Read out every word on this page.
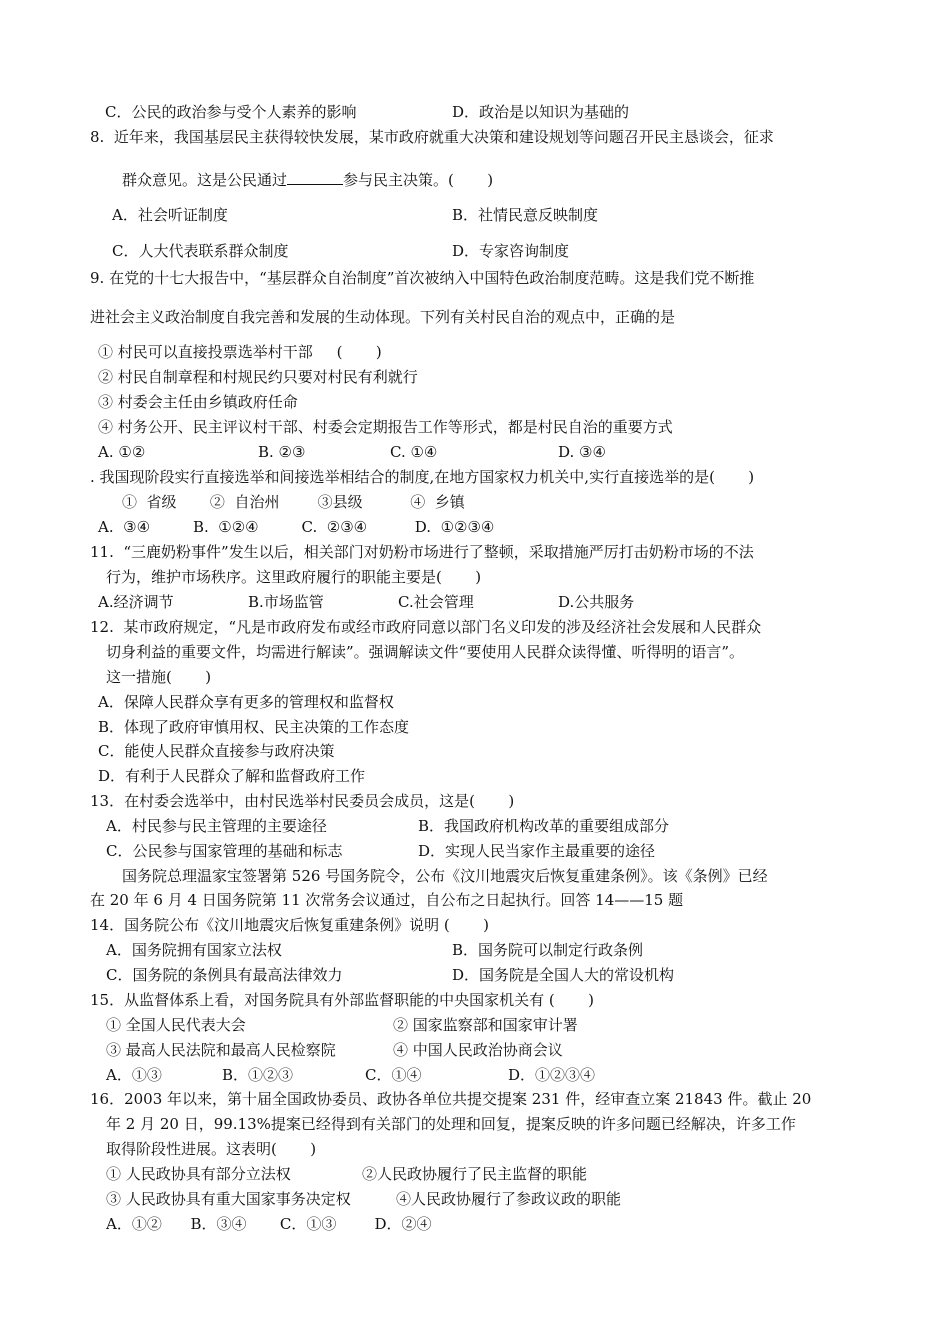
C．公民的政治参与受个人素养的影响	D．政治是以知识为基础的
8.  近年来，我国基层民主获得较快发展，某市政府就重大决策和建设规划等问题召开民主恳谈会，征求
群众意见。这是公民通过	参与民主决策。(       )
A．社会听证制度	B．社情民意反映制度
C．人大代表联系群众制度	D．专家咨询制度
9. 在党的十七大报告中，“基层群众自治制度”首次被纳入中国特色政治制度范畴。这是我们党不断推
进社会主义政治制度自我完善和发展的生动体现。下列有关村民自治的观点中，正确的是
① 村民可以直接投票选举村干部     (       )
② 村民自制章程和村规民约只要对村民有利就行
③ 村委会主任由乡镇政府任命
④ 村务公开、民主评议村干部、村委会定期报告工作等形式，都是村民自治的重要方式
A. ①②	B. ②③	C. ①④	D. ③④
. 我国现阶段实行直接选举和间接选举相结合的制度,在地方国家权力机关中,实行直接选举的是(       )
①  省级       ②  自治州        ③县级          ④  乡镇
A.  ③④         B.  ①②④         C.  ②③④          D.  ①②③④
11.  “三鹿奶粉事件”发生以后，相关部门对奶粉市场进行了整顿，采取措施严厉打击奶粉市场的不法
行为，维护市场秩序。这里政府履行的职能主要是(       )
A.经济调节	B.市场监管	C.社会管理	D.公共服务
12.  某市政府规定，“凡是市政府发布或经市政府同意以部门名义印发的涉及经济社会发展和人民群众
切身利益的重要文件，均需进行解读”。强调解读文件“要使用人民群众读得懂、听得明的语言”。
这一措施(       )
A．保障人民群众享有更多的管理权和监督权
B．体现了政府审慎用权、民主决策的工作态度
C．能使人民群众直接参与政府决策
D．有利于人民群众了解和监督政府工作
13．在村委会选举中，由村民选举村民委员会成员，这是(       )
A．村民参与民主管理的主要途径	B．我国政府机构改革的重要组成部分
C．公民参与国家管理的基础和标志	D．实现人民当家作主最重要的途径
国务院总理温家宝签署第 526 号国务院令，公布《汶川地震灾后恢复重建条例》。该《条例》已经
在 20 年 6 月 4 日国务院第 11 次常务会议通过，自公布之日起执行。回答 14——15 题
14．国务院公布《汶川地震灾后恢复重建条例》说明 (       )
A．国务院拥有国家立法权	B．国务院可以制定行政条例
C．国务院的条例具有最高法律效力	D．国务院是全国人大的常设机构
15．从监督体系上看，对国务院具有外部监督职能的中央国家机关有 (       )
① 全国人民代表大会	② 国家监察部和国家审计署
③ 最高人民法院和最高人民检察院	④ 中国人民政治协商会议
A．①③	B．①②③	C．①④	D．①②③④
16．2003 年以来，第十届全国政协委员、政协各单位共提交提案 231 件，经审查立案 21843 件。截止 20
年 2 月 20 日，99.13%提案已经得到有关部门的处理和回复，提案反映的许多问题已经解决，许多工作
取得阶段性进展。这表明(       )
① 人民政协具有部分立法权	②人民政协履行了民主监督的职能
③ 人民政协具有重大国家事务决定权	④人民政协履行了参政议政的职能
A．①②      B．③④       C．①③        D．②④
